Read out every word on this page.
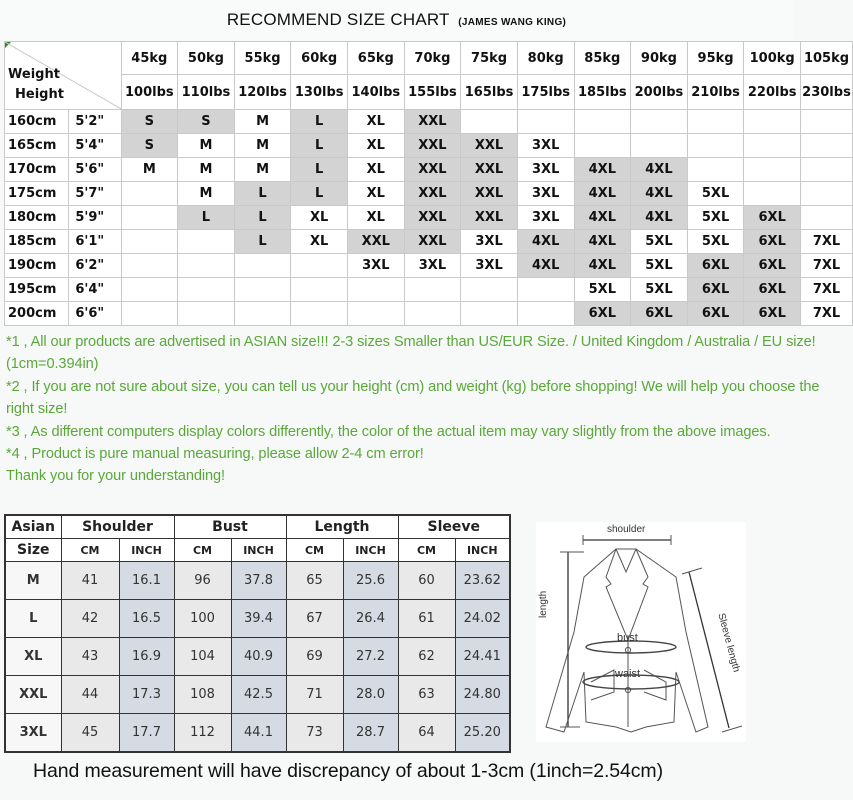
RECOMMEND SIZE CHART (JAMES WANG KING)
Weight
Height		45kg	50kg	55kg	60kg	65kg	70kg	75kg	80kg	85kg	90kg	95kg	100kg	105kg
		100lbs	110lbs	120lbs	130lbs	140lbs	155lbs	165lbs	175lbs	185lbs	200lbs	210lbs	220lbs	230lbs
160cm	5'2"	S	S	M	L	XL	XXL							
165cm	5'4"	S	M	M	L	XL	XXL	XXL	3XL					
170cm	5'6"	M	M	M	L	XL	XXL	XXL	3XL	4XL	4XL			
175cm	5'7"		M	L	L	XL	XXL	XXL	3XL	4XL	4XL	5XL		
180cm	5'9"		L	L	XL	XL	XXL	XXL	3XL	4XL	4XL	5XL	6XL	
185cm	6'1"			L	XL	XXL	XXL	3XL	4XL	4XL	5XL	5XL	6XL	7XL
190cm	6'2"					3XL	3XL	3XL	4XL	4XL	5XL	6XL	6XL	7XL
195cm	6'4"									5XL	5XL	6XL	6XL	7XL
200cm	6'6"									6XL	6XL	6XL	6XL	7XL
*1 , All our products are advertised in ASIAN size!!! 2-3 sizes Smaller than US/EUR Size. / United Kingdom / Australia / EU size! (1cm=0.394in)
*2 , If you are not sure about size, you can tell us your height (cm) and weight (kg) before shopping! We will help you choose the right size!
*3 , As different computers display colors differently, the color of the actual item may vary slightly from the above images.
*4 , Product is pure manual measuring, please allow 2-4 cm error!
Thank you for your understanding!
Asian	Shoulder		Bust		Length		Sleeve	
Size	CM	INCH	CM	INCH	CM	INCH	CM	INCH
M	41	16.1	96	37.8	65	25.6	60	23.62
L	42	16.5	100	39.4	67	26.4	61	24.02
XL	43	16.9	104	40.9	69	27.2	62	24.41
XXL	44	17.3	108	42.5	71	28.0	63	24.80
3XL	45	17.7	112	44.1	73	28.7	64	25.20
shoulder
length
bust
waist
Sleeve length
Hand measurement will have discrepancy of about 1-3cm (1inch=2.54cm)
